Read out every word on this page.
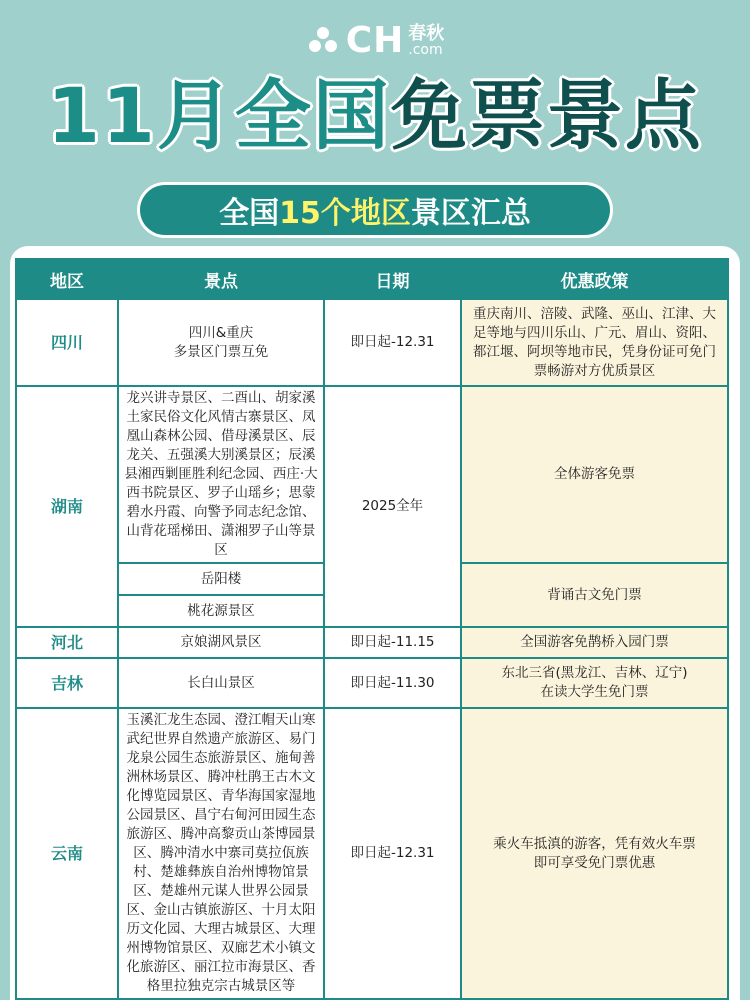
CH 春秋
.com
11月全国免票景点
全国 15个地区 景区汇总
地区	景点	日期	优惠政策
四川	四川&重庆
多景区门票互免	即日起-12.31	重庆南川、涪陵、武隆、巫山、江津、大足等地与四川乐山、广元、眉山、资阳、都江堰、阿坝等地市民，凭身份证可免门票畅游对方优质景区
湖南	龙兴讲寺景区、二酉山、胡家溪土家民俗文化风情古寨景区、凤凰山森林公园、借母溪景区、辰龙关、五强溪大别溪景区；辰溪县湘西剿匪胜利纪念园、西庄·大西书院景区、罗子山瑶乡；思蒙碧水丹霞、向警予同志纪念馆、山背花瑶梯田、潇湘罗子山等景区	2025全年	全体游客免票
	岳阳楼		背诵古文免门票
	桃花源景区		
河北	京娘湖风景区	即日起-11.15	全国游客免鹊桥入园门票
吉林	长白山景区	即日起-11.30	东北三省(黑龙江、吉林、辽宁)
在读大学生免门票
云南	玉溪汇龙生态园、澄江帽天山寒武纪世界自然遗产旅游区、易门龙泉公园生态旅游景区、施甸善洲林场景区、腾冲杜鹃王古木文化博览园景区、青华海国家湿地公园景区、昌宁右甸河田园生态旅游区、腾冲高黎贡山茶博园景区、腾冲清水中寨司莫拉佤族村、楚雄彝族自治州博物馆景区、楚雄州元谋人世界公园景区、金山古镇旅游区、十月太阳历文化园、大理古城景区、大理州博物馆景区、双廊艺术小镇文化旅游区、丽江拉市海景区、香格里拉独克宗古城景区等	即日起-12.31	乘火车抵滇的游客，凭有效火车票
即可享受免门票优惠
